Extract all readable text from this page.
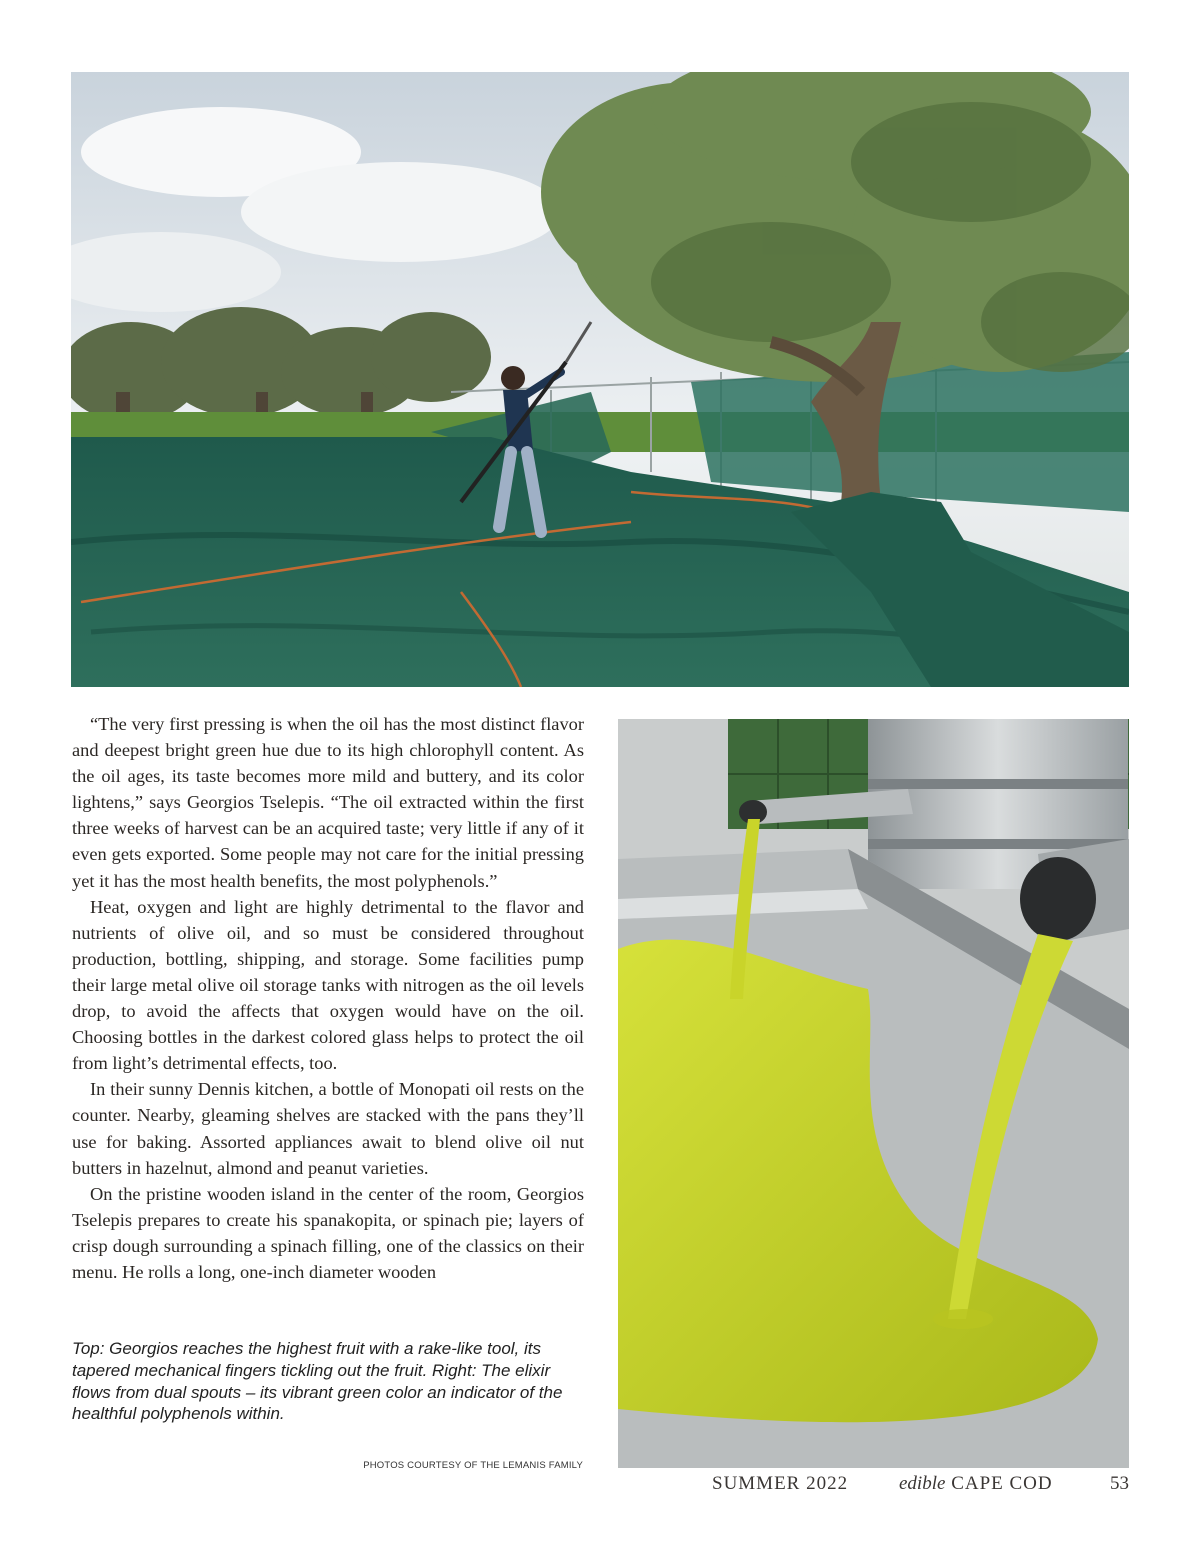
“The very first pressing is when the oil has the most distinct flavor and deepest bright green hue due to its high chlorophyll content. As the oil ages, its taste becomes more mild and buttery, and its color lightens,” says Georgios Tselepis. “The oil extracted within the first three weeks of harvest can be an acquired taste; very little if any of it even gets exported. Some people may not care for the initial pressing yet it has the most health benefits, the most polyphenols.”

Heat, oxygen and light are highly detrimental to the flavor and nutrients of olive oil, and so must be considered throughout production, bottling, shipping, and storage. Some facilities pump their large metal olive oil storage tanks with nitrogen as the oil levels drop, to avoid the affects that oxygen would have on the oil. Choosing bottles in the darkest colored glass helps to protect the oil from light’s detrimental effects, too.

In their sunny Dennis kitchen, a bottle of Monopati oil rests on the counter. Nearby, gleaming shelves are stacked with the pans they’ll use for baking. Assorted appliances await to blend olive oil nut butters in hazelnut, almond and peanut varieties.

On the pristine wooden island in the center of the room, Georgios Tselepis prepares to create his spanakopita, or spinach pie; layers of crisp dough surrounding a spinach filling, one of the classics on their menu. He rolls a long, one-inch diameter wooden

Top: Georgios reaches the highest fruit with a rake-like tool, its tapered mechanical fingers tickling out the fruit. Right: The elixir flows from dual spouts – its vibrant green color an indicator of the healthful polyphenols within.
PHOTOS COURTESY OF THE LEMANIS FAMILY
SUMMER 2022	edible CAPE COD	53
